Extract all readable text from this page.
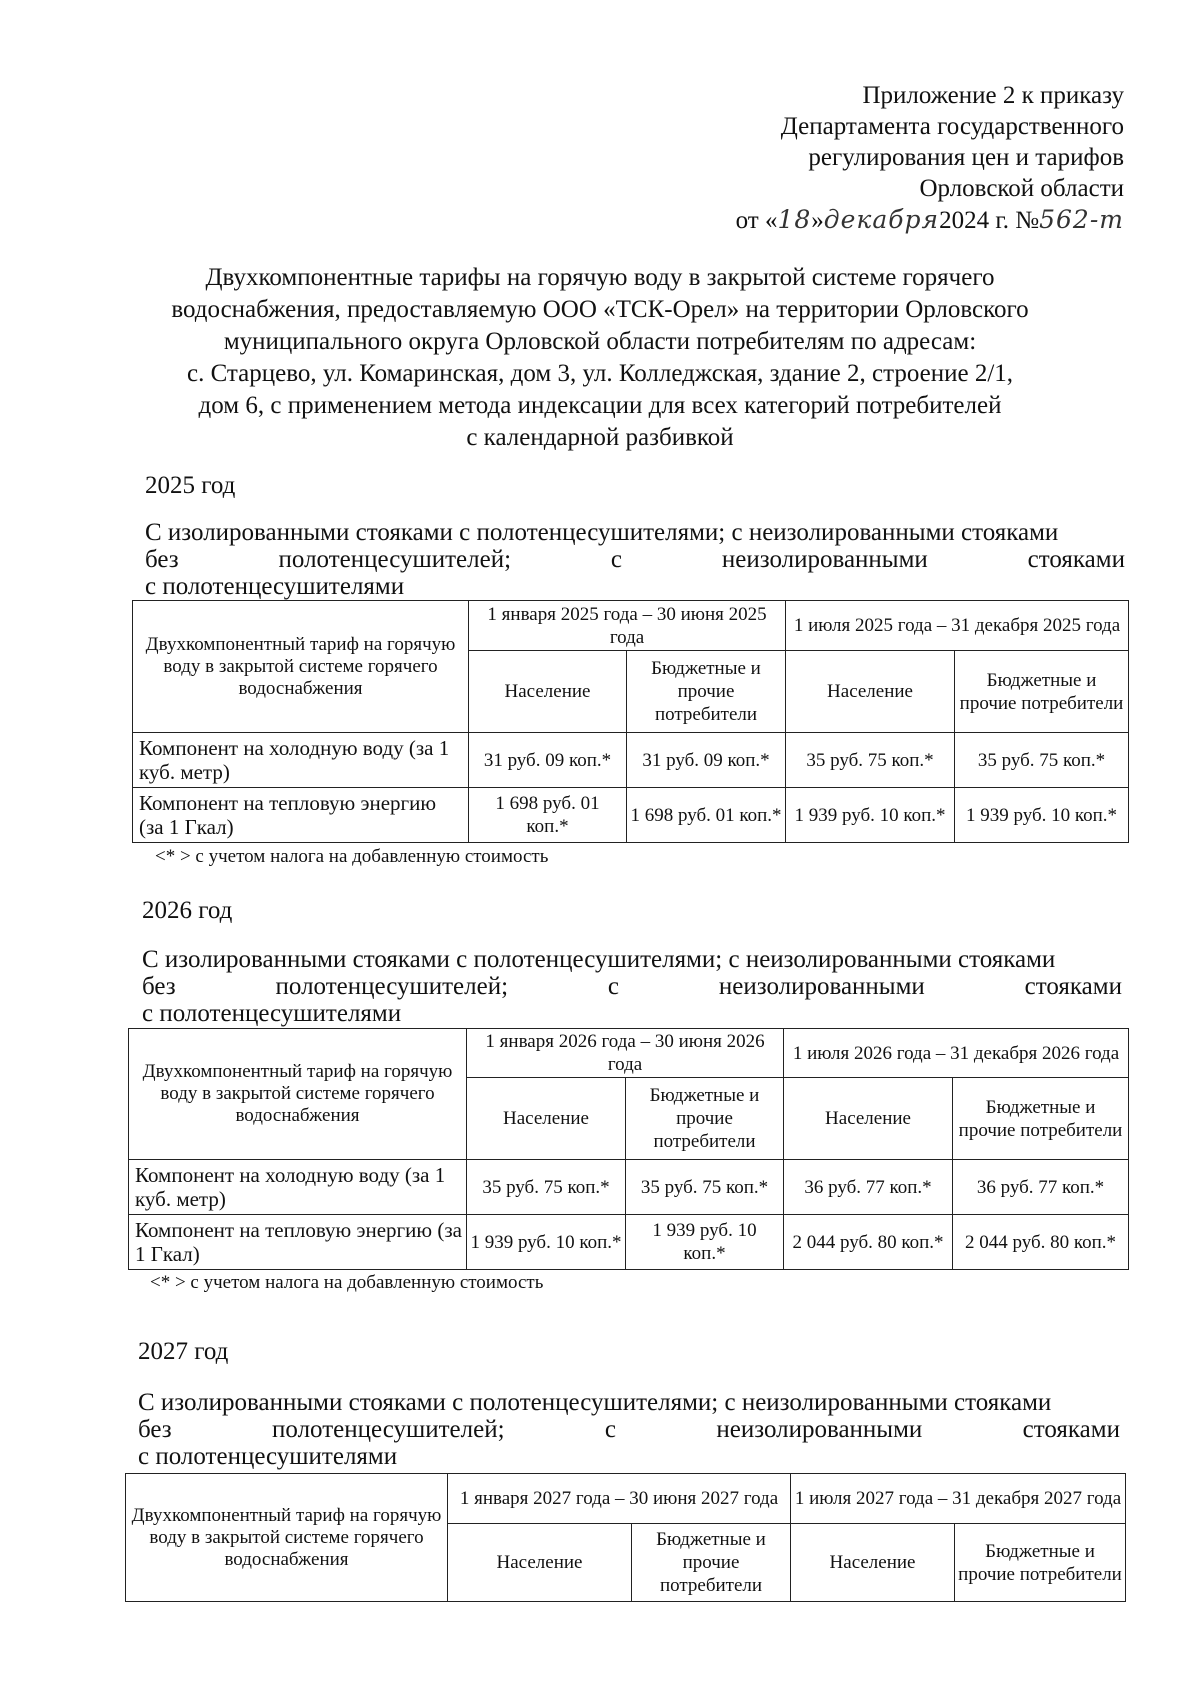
Приложение 2 к приказу
Департамента государственного
регулирования цен и тарифов
Орловской области
от «18»декабря2024 г. №562-т
Двухкомпонентные тарифы на горячую воду в закрытой системе горячего
водоснабжения, предоставляемую ООО «ТСК-Орел» на территории Орловского
муниципального округа Орловской области потребителям по адресам:
с. Старцево, ул. Комаринская, дом 3, ул. Колледжская, здание 2, строение 2/1,
дом 6, с применением метода индексации для всех категорий потребителей
с календарной разбивкой
2025 год
С изолированными стояками с полотенцесушителями; с неизолированными стояками
без	полотенцесушителей;	с	неизолированными	стояками
с полотенцесушителями
Двухкомпонентный тариф на горячую воду в закрытой системе горячего водоснабжения	1 января 2025 года – 30 июня 2025 года		1 июля 2025 года – 31 декабря 2025 года	
	Население	Бюджетные и прочие потребители	Население	Бюджетные и прочие потребители
Компонент на холодную воду (за 1 куб. метр)	31 руб. 09 коп.*	31 руб. 09 коп.*	35 руб. 75 коп.*	35 руб. 75 коп.*
Компонент на тепловую энергию (за 1 Гкал)	1 698 руб. 01 коп.*	1 698 руб. 01 коп.*	1 939 руб. 10 коп.*	1 939 руб. 10 коп.*
<* > с учетом налога на добавленную стоимость
2026 год
С изолированными стояками с полотенцесушителями; с неизолированными стояками
без	полотенцесушителей;	с	неизолированными	стояками
с полотенцесушителями
Двухкомпонентный тариф на горячую воду в закрытой системе горячего водоснабжения	1 января 2026 года – 30 июня 2026 года		1 июля 2026 года – 31 декабря 2026 года	
	Население	Бюджетные и прочие потребители	Население	Бюджетные и прочие потребители
Компонент на холодную воду (за 1 куб. метр)	35 руб. 75 коп.*	35 руб. 75 коп.*	36 руб. 77 коп.*	36 руб. 77 коп.*
Компонент на тепловую энергию (за 1 Гкал)	1 939 руб. 10 коп.*	1 939 руб. 10 коп.*	2 044 руб. 80 коп.*	2 044 руб. 80 коп.*
<* > с учетом налога на добавленную стоимость
2027 год
С изолированными стояками с полотенцесушителями; с неизолированными стояками
без	полотенцесушителей;	с	неизолированными	стояками
с полотенцесушителями
Двухкомпонентный тариф на горячую воду в закрытой системе горячего водоснабжения	1 января 2027 года – 30 июня 2027 года		1 июля 2027 года – 31 декабря 2027 года	
	Население	Бюджетные и прочие потребители	Население	Бюджетные и прочие потребители
